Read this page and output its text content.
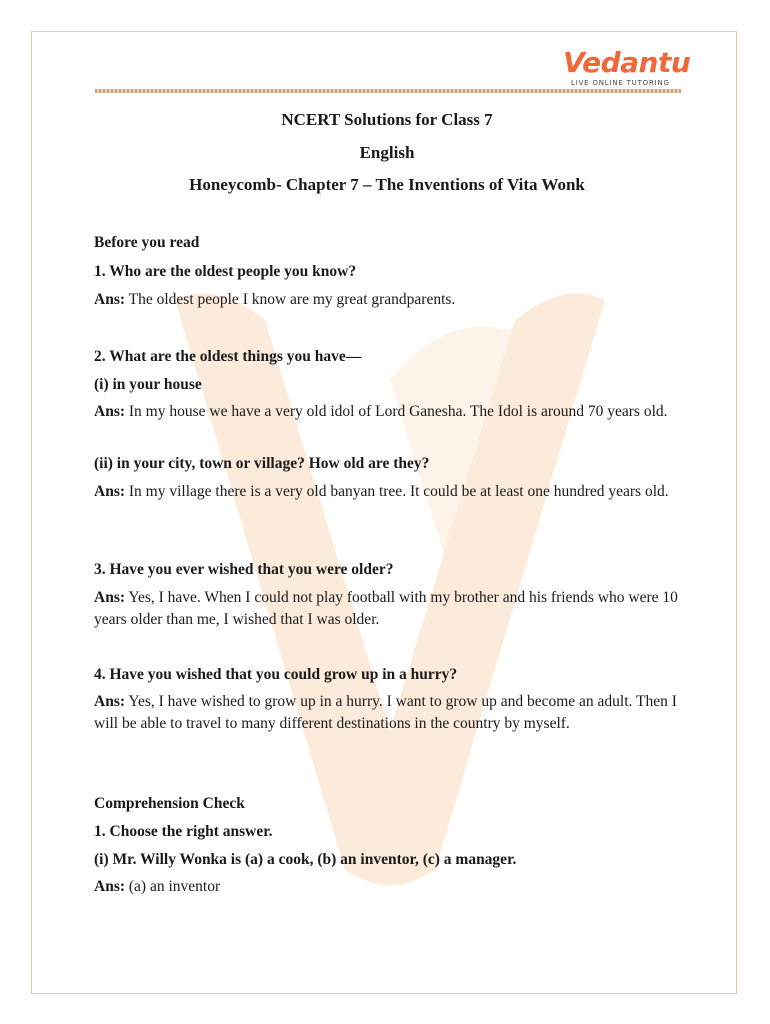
Vedantu
LIVE ONLINE TUTORING
NCERT Solutions for Class 7
English
Honeycomb- Chapter 7 – The Inventions of Vita Wonk
Before you read
1. Who are the oldest people you know?
Ans: The oldest people I know are my great grandparents.
2. What are the oldest things you have—
(i) in your house
Ans: In my house we have a very old idol of Lord Ganesha. The Idol is around 70 years old.
(ii) in your city, town or village? How old are they?
Ans: In my village there is a very old banyan tree. It could be at least one hundred years old.
3. Have you ever wished that you were older?
Ans: Yes, I have. When I could not play football with my brother and his friends who were 10 years older than me, I wished that I was older.
4. Have you wished that you could grow up in a hurry?
Ans: Yes, I have wished to grow up in a hurry. I want to grow up and become an adult. Then I will be able to travel to many different destinations in the country by myself.
Comprehension Check
1. Choose the right answer.
(i) Mr. Willy Wonka is (a) a cook, (b) an inventor, (c) a manager.
Ans: (a) an inventor
